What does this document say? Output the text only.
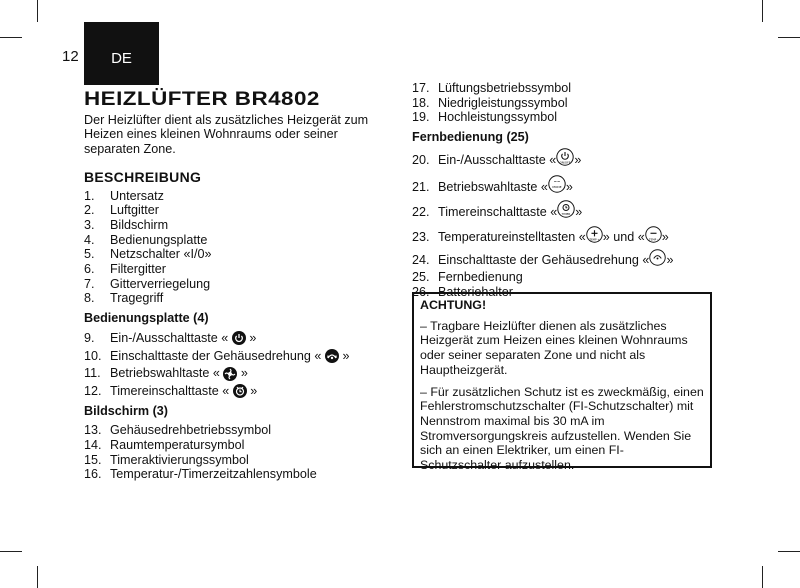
12 DE
HEIZLÜFTER BR4802

Der Heizlüfter dient als zusätzliches Heizgerät zum Heizen eines kleinen Wohnraums oder seiner separaten Zone.

BESCHREIBUNG
1.	Untersatz
2.	Luftgitter
3.	Bildschirm
4.	Bedienungsplatte
5.	Netzschalter «I/0»
6.	Filtergitter
7.	Gitterverriegelung
8.	Tragegriff
Bedienungsplatte (4)
9.	Ein-/Ausschalttaste «

»
10. Einschalttaste der Gehäusedrehung «

»
11. Betriebswahltaste «

»
12. Timereinschalttaste «

»
Bildschirm (3)
13. Gehäusedrehbetriebssymbol
14. Raumtemperatursymbol
15. Timeraktivierungssymbol
16. Temperatur-/Timerzeitzahlensymbole
17. Lüftungsbetriebssymbol
18. Niedrigleistungssymbol
19. Hochleistungssymbol
Fernbedienung (25)
20. Ein-/Ausschalttaste « ON/OFF »
21. Betriebswahltaste « ~~
MODE »
22. Timereinschalttaste «	TIMER »
23. Temperatureinstelltasten « TEMP + » und « TEMP - »
24. Einschalttaste der Gehäusedrehung « »
25. Fernbedienung
26. Batteriehalter
ACHTUNG!

– Tragbare Heizlüfter dienen als zusätzliches Heizgerät zum Heizen eines kleinen Wohnraums oder seiner separaten Zone und nicht als Hauptheizgerät.

– Für zusätzlichen Schutz ist es zweckmäßig, einen Fehlerstromschutzschalter (FI-Schutzschalter) mit Nennstrom maximal bis 30 mA im Stromversorgungskreis aufzustellen. Wenden Sie sich an einen Elektriker, um einen FI-Schutzschalter aufzustellen.
